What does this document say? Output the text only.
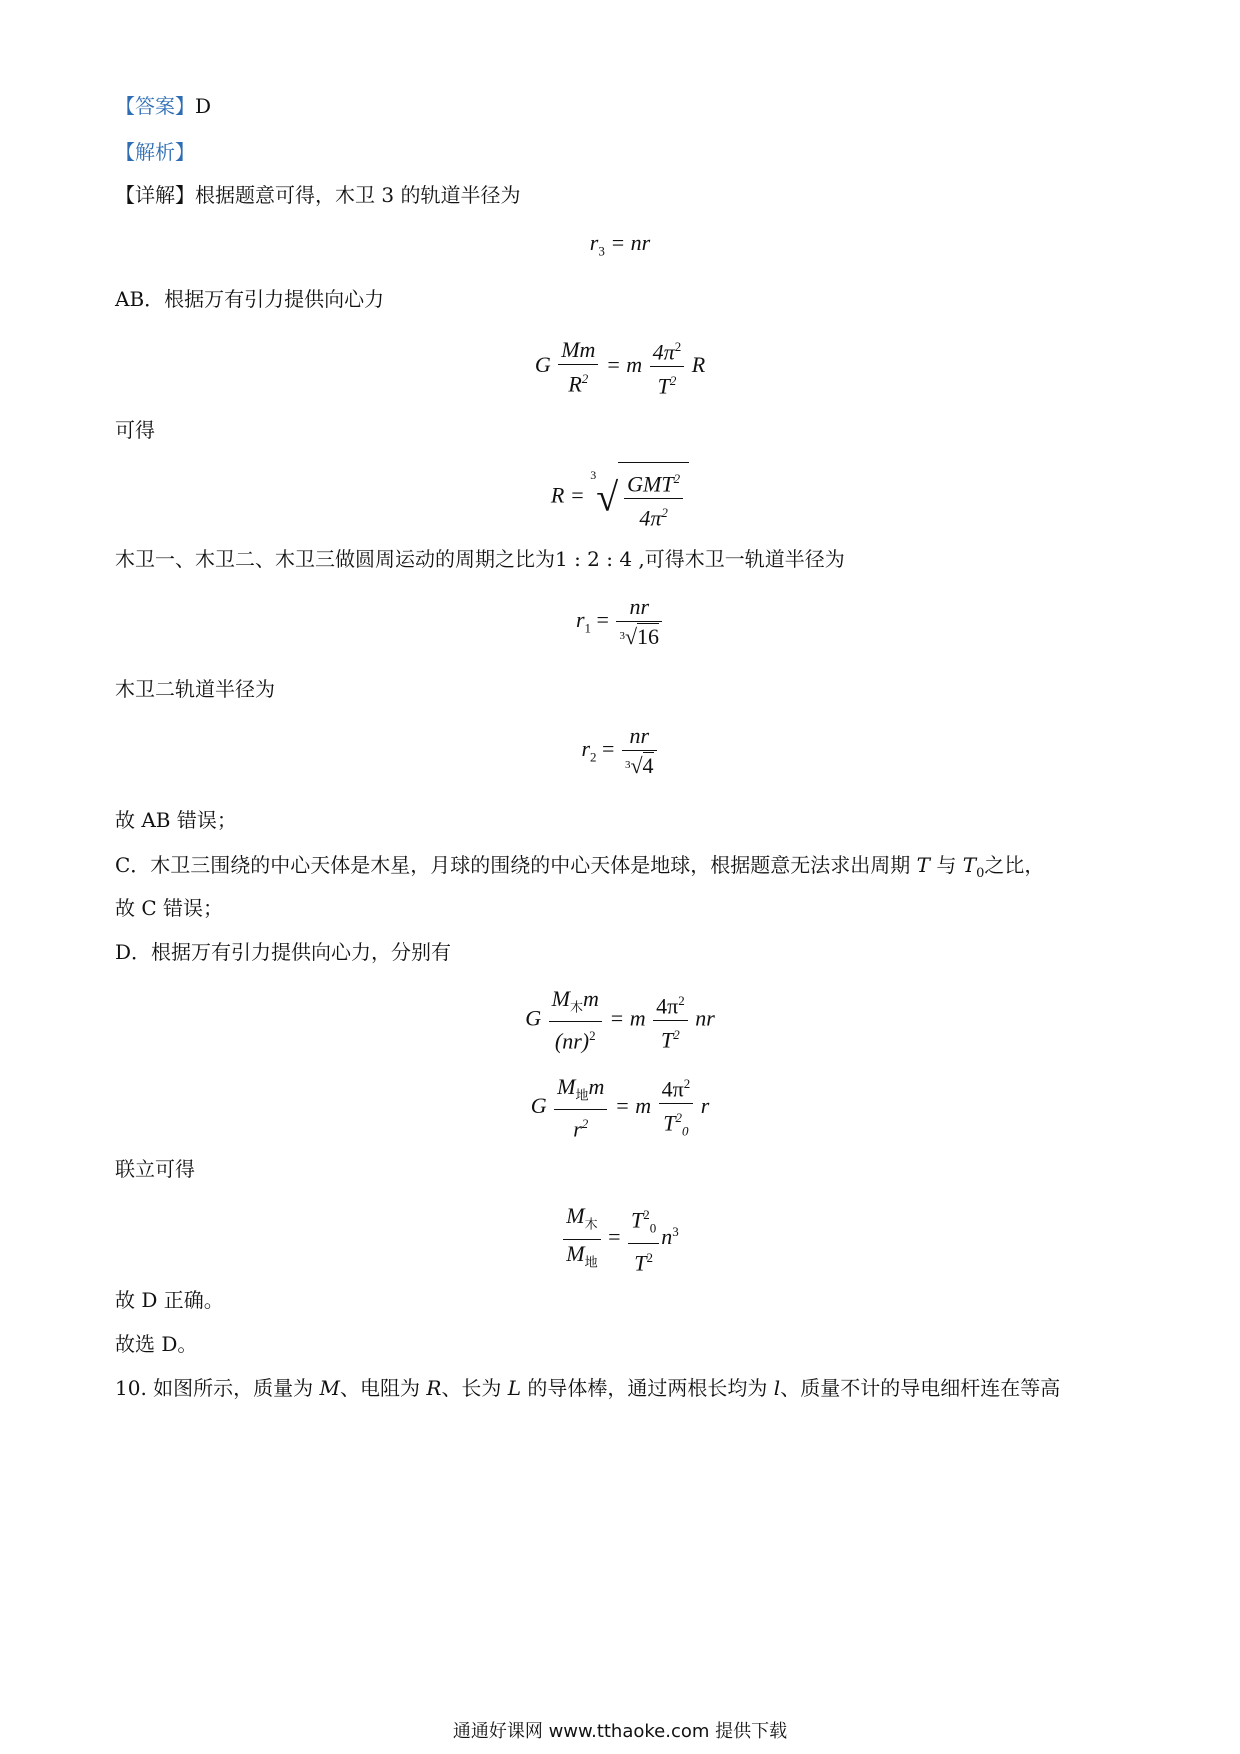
【答案】D
【解析】
【详解】根据题意可得，木卫 3 的轨道半径为
$r_3$ = nr
AB．根据万有引力提供向心力
G $\frac{Mm}{R^2} = m \frac{4\pi^2}{T^2}$ R
可得
$R = ^3√ \frac{GMT^2}{4\pi^2}$
木卫一、木卫二、木卫三做圆周运动的周期之比为1 : 2 : 4 ,可得木卫一轨道半径为
$r_1 = \frac{nr}{^3√16}$
木卫二轨道半径为
$r_2 = \frac{nr}{^3√4}$
故 AB 错误；
C．木卫三围绕的中心天体是木星，月球的围绕的中心天体是地球，根据题意无法求出周期 T 与 $T_0$之比，
故 C 错误；
D．根据万有引力提供向心力，分别有
G $\frac{M_木m}{(nr)^2} = m \frac{4\pi^2}{T^2}$ nr
G $\frac{M_地m}{r^2} = m \frac{4\pi^2}{T^2_0}$ r
联立可得
$\frac{M_木}{M_地} = \frac{T^2_0}{T^2} n^3$
故 D 正确。
故选 D。
10. 如图所示，质量为 M、电阻为 R、长为 L 的导体棒，通过两根长均为 l、质量不计的导电细杆连在等高
通通好课网 www.tthaoke.com 提供下载
